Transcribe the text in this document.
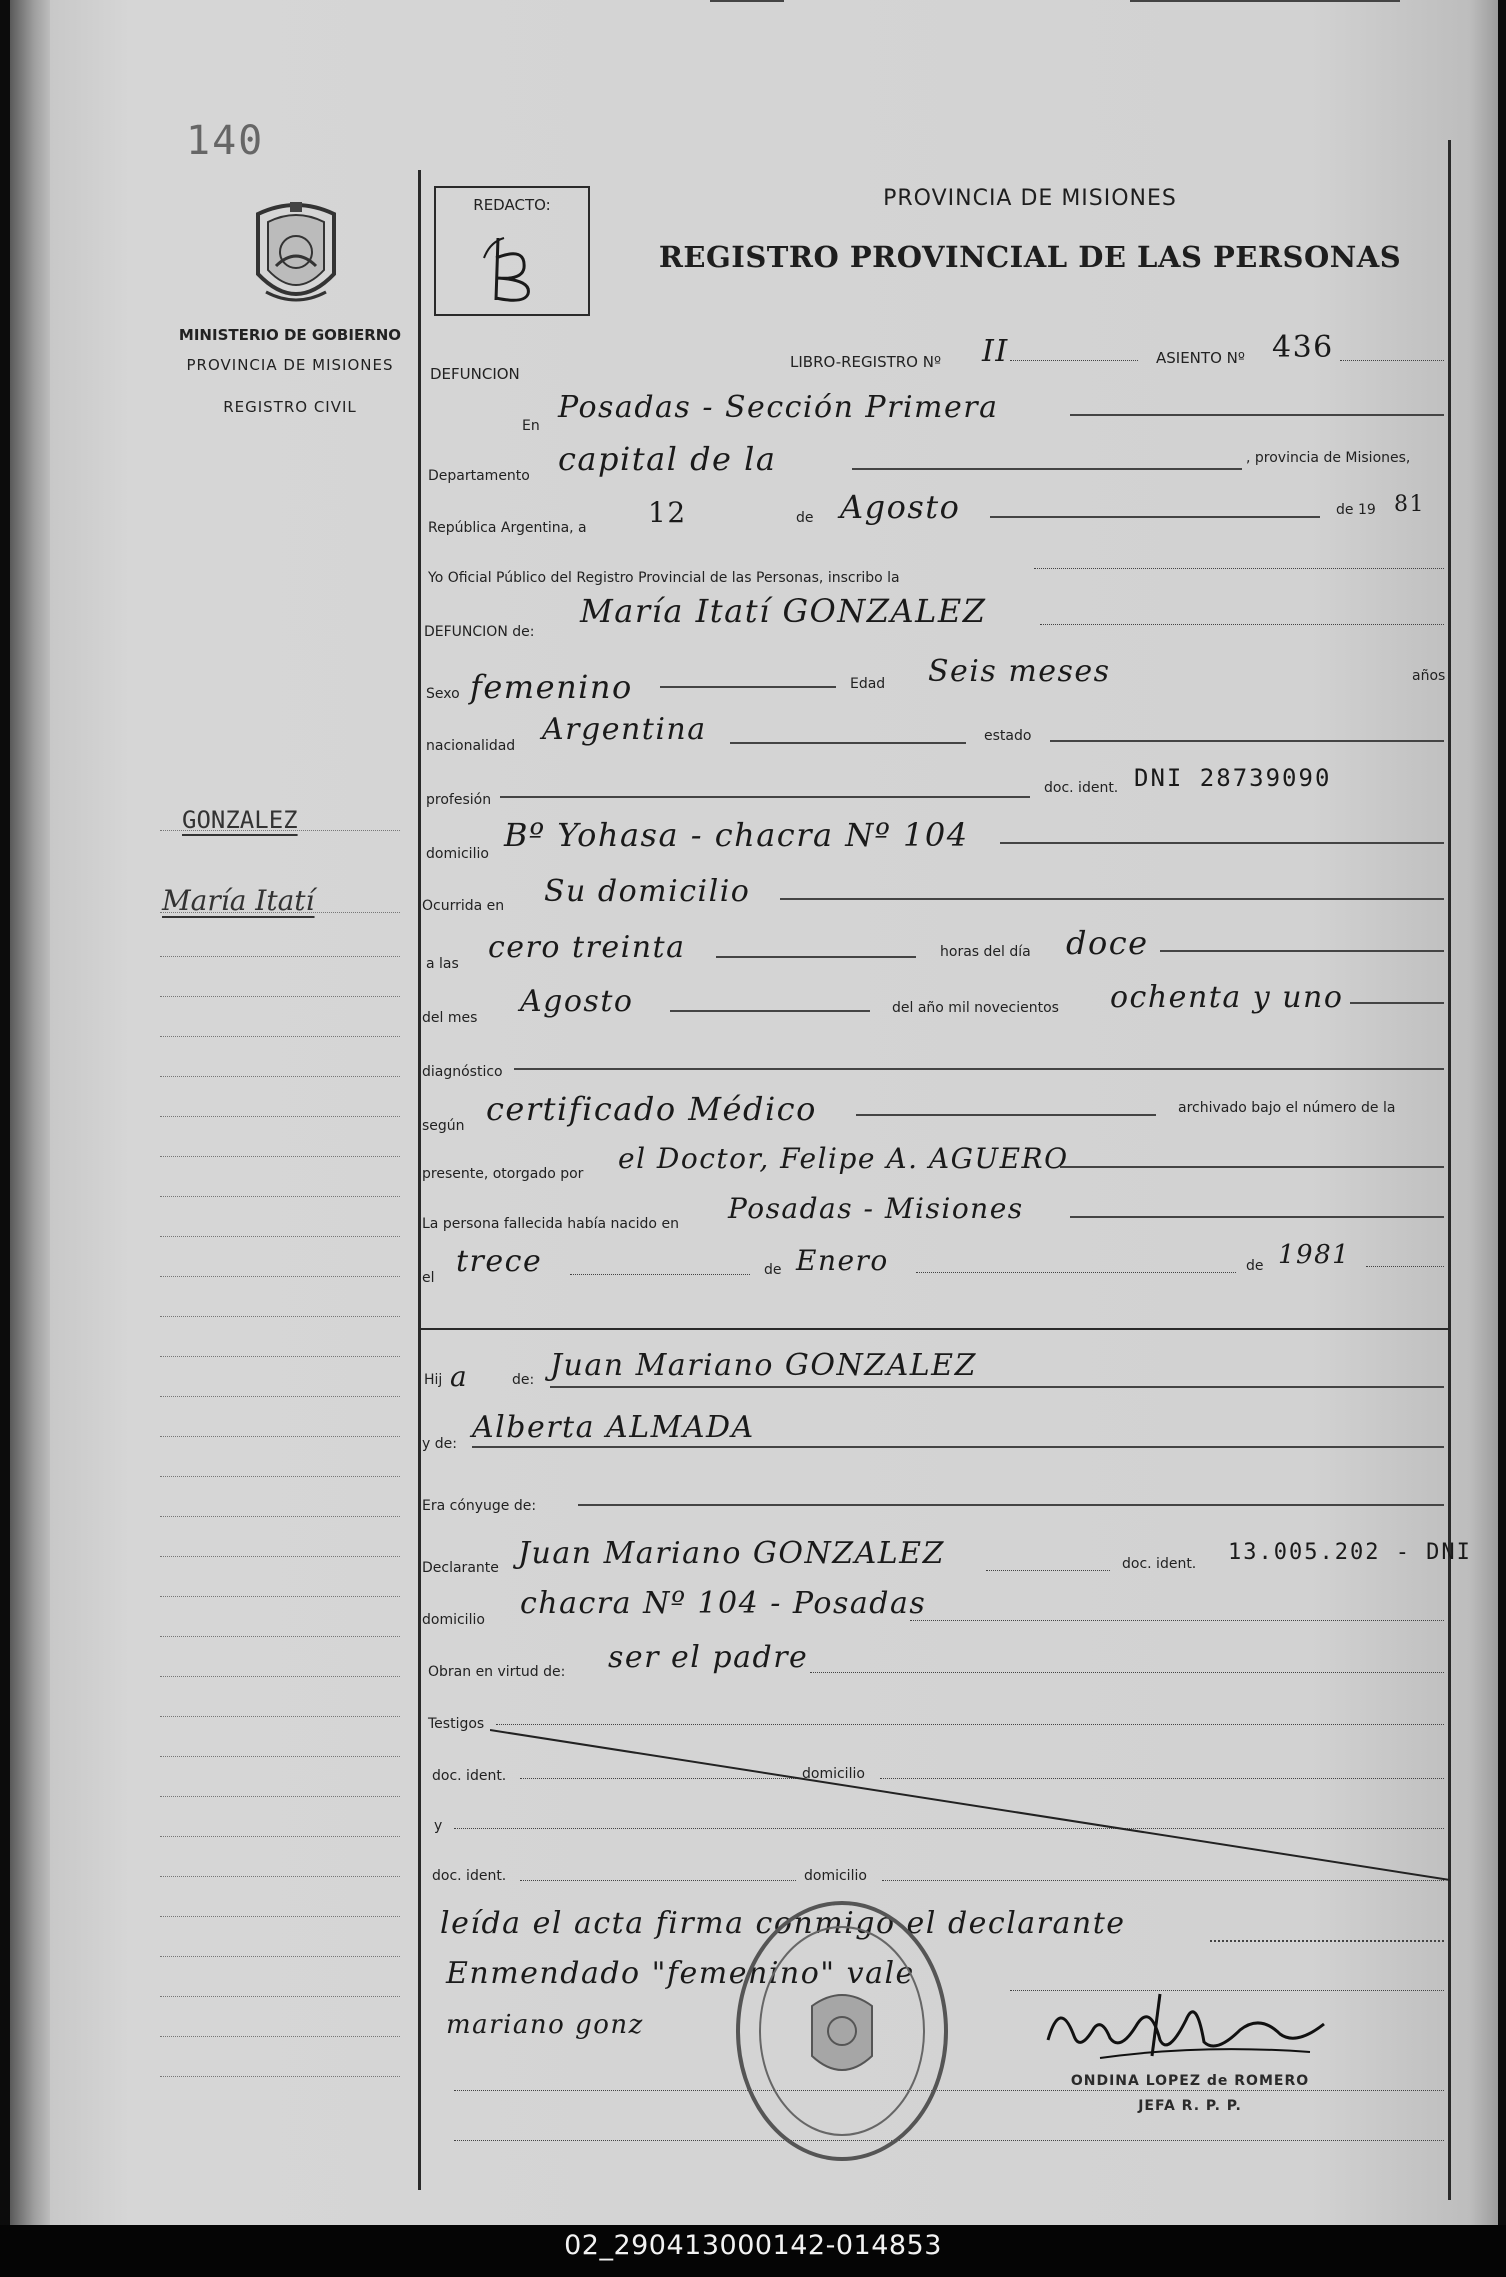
140
MINISTERIO DE GOBIERNO
PROVINCIA DE MISIONES
REGISTRO CIVIL
GONZALEZ
María Itatí
REDACTO:	PROVINCIA DE MISIONES
REGISTRO PROVINCIAL DE LAS PERSONAS
DEFUNCION
LIBRO-REGISTRO Nº II	ASIENTO Nº 436
En
Posadas - Sección Primera
Departamento capital de la	, provincia de Misiones,
República Argentina, a 12	de Agosto	de 19 81
Yo Oficial Público del Registro Provincial de las Personas, inscribo la
DEFUNCION de:
María Itatí GONZALEZ
Sexo femenino	Edad Seis meses	años
nacionalidad Argentina	estado
profesión
doc. ident. DNI 28739090
domicilio Bº Yohasa - chacra Nº 104
Ocurrida en Su domicilio
a las cero treinta	horas del día doce
del mes Agosto	del año mil novecientos ochenta y uno
diagnóstico
según certificado Médico	archivado bajo el número de la
presente, otorgado por el Doctor, Felipe A. AGUERO
La persona fallecida había nacido en Posadas - Misiones
el trece	de Enero	de 1981
Hij a	de: Juan Mariano GONZALEZ
y de: Alberta ALMADA
Era cónyuge de:
Declarante Juan Mariano GONZALEZ	doc. ident. 13.005.202 - DNI
domicilio chacra Nº 104 - Posadas
Obran en virtud de: ser el padre
Testigos
doc. ident.	domicilio
y
doc. ident.	domicilio
leída el acta firma conmigo el declarante
Enmendado "femenino" vale
mariano gonz
ONDINA LOPEZ de ROMERO
JEFA R. P. P.
02_290413000142-014853
